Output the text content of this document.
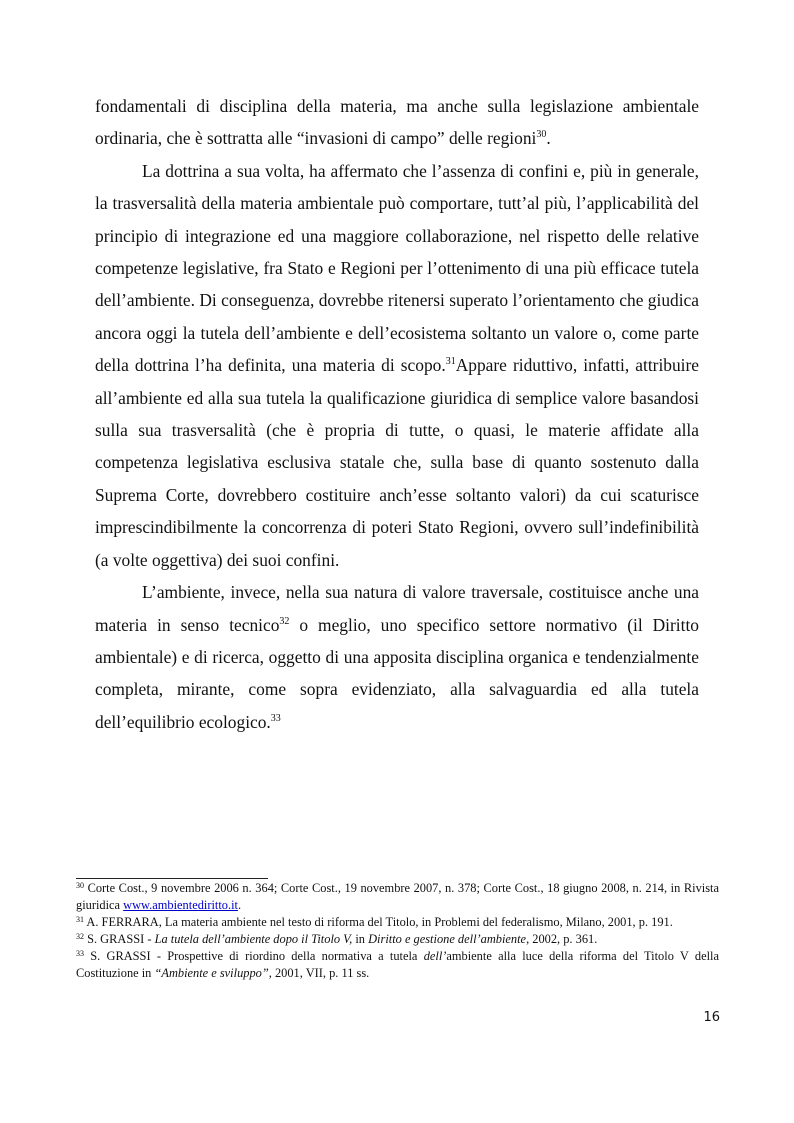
fondamentali di disciplina della materia, ma anche sulla legislazione ambientale ordinaria, che è sottratta alle “invasioni di campo” delle regioni$^{30}$.

La dottrina a sua volta, ha affermato che l’assenza di confini e, più in generale, la trasversalità della materia ambientale può comportare, tutt’al più, l’applicabilità del principio di integrazione ed una maggiore collaborazione, nel rispetto delle relative competenze legislative, fra Stato e Regioni per l’ottenimento di una più efficace tutela dell’ambiente. Di conseguenza, dovrebbe ritenersi superato l’orientamento che giudica ancora oggi la tutela dell’ambiente e dell’ecosistema soltanto un valore o, come parte della dottrina l’ha definita, una materia di scopo.$^{31}$Appare riduttivo, infatti, attribuire all’ambiente ed alla sua tutela la qualificazione giuridica di semplice valore basandosi sulla sua trasversalità (che è propria di tutte, o quasi, le materie affidate alla competenza legislativa esclusiva statale che, sulla base di quanto sostenuto dalla Suprema Corte, dovrebbero costituire anch’esse soltanto valori) da cui scaturisce imprescindibilmente la concorrenza di poteri Stato Regioni, ovvero sull’indefinibilità (a volte oggettiva) dei suoi confini.

L’ambiente, invece, nella sua natura di valore traversale, costituisce anche una materia in senso tecnico$^{32}$ o meglio, uno specifico settore normativo (il Diritto ambientale) e di ricerca, oggetto di una apposita disciplina organica e tendenzialmente completa, mirante, come sopra evidenziato, alla salvaguardia ed alla tutela dell’equilibrio ecologico.$^{33}$

$^{30}$ Corte Cost., 9 novembre 2006 n. 364; Corte Cost., 19 novembre 2007, n. 378; Corte Cost., 18 giugno 2008, n. 214, in Rivista giuridica www.ambientediritto.it.

$^{31}$ A. FERRARA, La materia ambiente nel testo di riforma del Titolo, in Problemi del federalismo, Milano, 2001, p. 191.

$^{32}$ S. GRASSI - La tutela dell’ambiente dopo il Titolo V, in Diritto e gestione dell’ambiente, 2002, p. 361.

$^{33}$ S. GRASSI - Prospettive di riordino della normativa a tutela dell’ambiente alla luce della riforma del Titolo V della Costituzione in “Ambiente e sviluppo”, 2001, VII, p. 11 ss.

16
